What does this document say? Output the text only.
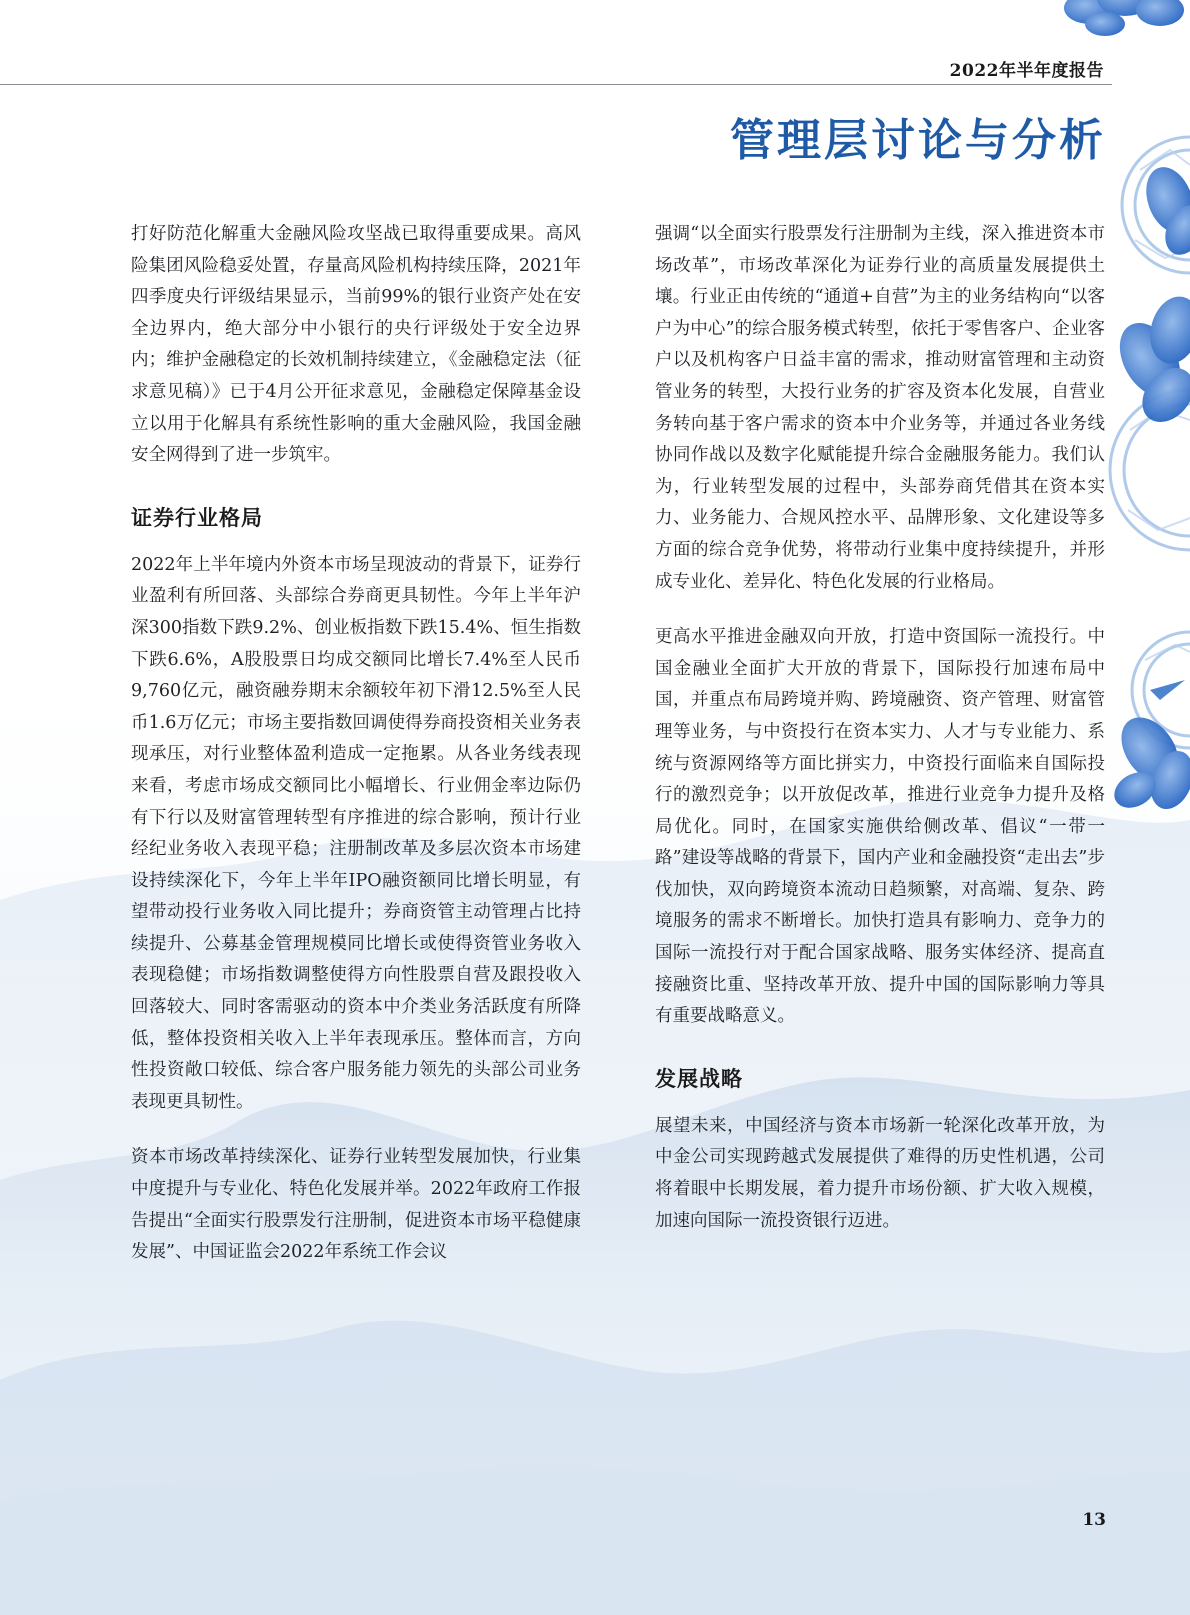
2022年半年度报告
管理层讨论与分析

打好防范化解重大金融风险攻坚战已取得重要成果。高风险集团风险稳妥处置，存量高风险机构持续压降，2021年四季度央行评级结果显示，当前99%的银行业资产处在安全边界内，绝大部分中小银行的央行评级处于安全边界内；维护金融稳定的长效机制持续建立，《金融稳定法（征求意见稿）》已于4月公开征求意见，金融稳定保障基金设立以用于化解具有系统性影响的重大金融风险，我国金融安全网得到了进一步筑牢。

证券行业格局

2022年上半年境内外资本市场呈现波动的背景下，证券行业盈利有所回落、头部综合券商更具韧性。今年上半年沪深300指数下跌9.2%、创业板指数下跌15.4%、恒生指数下跌6.6%，A股股票日均成交额同比增长7.4%至人民币9,760亿元，融资融券期末余额较年初下滑12.5%至人民币1.6万亿元；市场主要指数回调使得券商投资相关业务表现承压，对行业整体盈利造成一定拖累。从各业务线表现来看，考虑市场成交额同比小幅增长、行业佣金率边际仍有下行以及财富管理转型有序推进的综合影响，预计行业经纪业务收入表现平稳；注册制改革及多层次资本市场建设持续深化下，今年上半年IPO融资额同比增长明显，有望带动投行业务收入同比提升；券商资管主动管理占比持续提升、公募基金管理规模同比增长或使得资管业务收入表现稳健；市场指数调整使得方向性股票自营及跟投收入回落较大、同时客需驱动的资本中介类业务活跃度有所降低，整体投资相关收入上半年表现承压。整体而言，方向性投资敞口较低、综合客户服务能力领先的头部公司业务表现更具韧性。

资本市场改革持续深化、证券行业转型发展加快，行业集中度提升与专业化、特色化发展并举。2022年政府工作报告提出“全面实行股票发行注册制，促进资本市场平稳健康发展”、中国证监会2022年系统工作会议

强调“以全面实行股票发行注册制为主线，深入推进资本市场改革”，市场改革深化为证券行业的高质量发展提供土壤。行业正由传统的“通道+自营”为主的业务结构向“以客户为中心”的综合服务模式转型，依托于零售客户、企业客户以及机构客户日益丰富的需求，推动财富管理和主动资管业务的转型，大投行业务的扩容及资本化发展，自营业务转向基于客户需求的资本中介业务等，并通过各业务线协同作战以及数字化赋能提升综合金融服务能力。我们认为，行业转型发展的过程中，头部券商凭借其在资本实力、业务能力、合规风控水平、品牌形象、文化建设等多方面的综合竞争优势，将带动行业集中度持续提升，并形成专业化、差异化、特色化发展的行业格局。

更高水平推进金融双向开放，打造中资国际一流投行。中国金融业全面扩大开放的背景下，国际投行加速布局中国，并重点布局跨境并购、跨境融资、资产管理、财富管理等业务，与中资投行在资本实力、人才与专业能力、系统与资源网络等方面比拼实力，中资投行面临来自国际投行的激烈竞争；以开放促改革，推进行业竞争力提升及格局优化。同时，在国家实施供给侧改革、倡议“一带一路”建设等战略的背景下，国内产业和金融投资“走出去”步伐加快，双向跨境资本流动日趋频繁，对高端、复杂、跨境服务的需求不断增长。加快打造具有影响力、竞争力的国际一流投行对于配合国家战略、服务实体经济、提高直接融资比重、坚持改革开放、提升中国的国际影响力等具有重要战略意义。

发展战略

展望未来，中国经济与资本市场新一轮深化改革开放，为中金公司实现跨越式发展提供了难得的历史性机遇，公司将着眼中长期发展，着力提升市场份额、扩大收入规模，加速向国际一流投资银行迈进。

13
